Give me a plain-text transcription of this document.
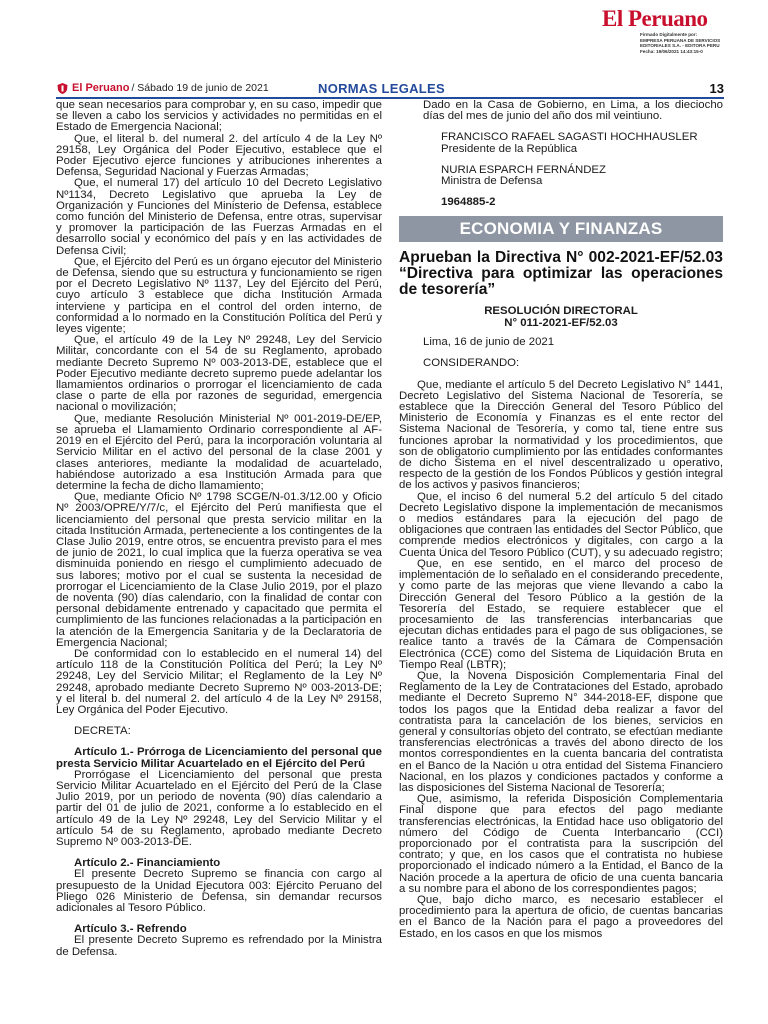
El Peruano
Firmado Digitalmente por:
EMPRESA PERUANA DE SERVICIOS
EDITORIALES S.A. - EDITORA PERU
Fecha: 19/06/2021 14:43:15-0
El Peruano / Sábado 19 de junio de 2021	NORMAS LEGALES	13

que sean necesarios para comprobar y, en su caso, impedir que se lleven a cabo los servicios y actividades no permitidas en el Estado de Emergencia Nacional;

Que, el literal b. del numeral 2. del artículo 4 de la Ley Nº 29158, Ley Orgánica del Poder Ejecutivo, establece que el Poder Ejecutivo ejerce funciones y atribuciones inherentes a Defensa, Seguridad Nacional y Fuerzas Armadas;

Que, el numeral 17) del artículo 10 del Decreto Legislativo Nº1134, Decreto Legislativo que aprueba la Ley de Organización y Funciones del Ministerio de Defensa, establece como función del Ministerio de Defensa, entre otras, supervisar y promover la participación de las Fuerzas Armadas en el desarrollo social y económico del país y en las actividades de Defensa Civil;

Que, el Ejército del Perú es un órgano ejecutor del Ministerio de Defensa, siendo que su estructura y funcionamiento se rigen por el Decreto Legislativo Nº 1137, Ley del Ejército del Perú, cuyo artículo 3 establece que dicha Institución Armada interviene y participa en el control del orden interno, de conformidad a lo normado en la Constitución Política del Perú y leyes vigente;

Que, el artículo 49 de la Ley Nº 29248, Ley del Servicio Militar, concordante con el 54 de su Reglamento, aprobado mediante Decreto Supremo Nº 003-2013-DE, establece que el Poder Ejecutivo mediante decreto supremo puede adelantar los llamamientos ordinarios o prorrogar el licenciamiento de cada clase o parte de ella por razones de seguridad, emergencia nacional o movilización;

Que, mediante Resolución Ministerial Nº 001-2019-DE/EP, se aprueba el Llamamiento Ordinario correspondiente al AF-2019 en el Ejército del Perú, para la incorporación voluntaria al Servicio Militar en el activo del personal de la clase 2001 y clases anteriores, mediante la modalidad de acuartelado, habiéndose autorizado a esa Institución Armada para que determine la fecha de dicho llamamiento;

Que, mediante Oficio Nº 1798 SCGE/N-01.3/12.00 y Oficio Nº 2003/OPRE/Y/7/c, el Ejército del Perú manifiesta que el licenciamiento del personal que presta servicio militar en la citada Institución Armada, perteneciente a los contingentes de la Clase Julio 2019, entre otros, se encuentra previsto para el mes de junio de 2021, lo cual implica que la fuerza operativa se vea disminuida poniendo en riesgo el cumplimiento adecuado de sus labores; motivo por el cual se sustenta la necesidad de prorrogar el Licenciamiento de la Clase Julio 2019, por el plazo de noventa (90) días calendario, con la finalidad de contar con personal debidamente entrenado y capacitado que permita el cumplimiento de las funciones relacionadas a la participación en la atención de la Emergencia Sanitaria y de la Declaratoria de Emergencia Nacional;

De conformidad con lo establecido en el numeral 14) del artículo 118 de la Constitución Política del Perú; la Ley Nº 29248, Ley del Servicio Militar; el Reglamento de la Ley Nº 29248, aprobado mediante Decreto Supremo Nº 003-2013-DE; y el literal b. del numeral 2. del artículo 4 de la Ley Nº 29158, Ley Orgánica del Poder Ejecutivo.

DECRETA:

Artículo 1.- Prórroga de Licenciamiento del personal que presta Servicio Militar Acuartelado en el Ejército del Perú

Prorrógase el Licenciamiento del personal que presta Servicio Militar Acuartelado en el Ejército del Perú de la Clase Julio 2019, por un periodo de noventa (90) días calendario a partir del 01 de julio de 2021, conforme a lo establecido en el artículo 49 de la Ley Nº 29248, Ley del Servicio Militar y el artículo 54 de su Reglamento, aprobado mediante Decreto Supremo Nº 003-2013-DE.

Artículo 2.- Financiamiento

El presente Decreto Supremo se financia con cargo al presupuesto de la Unidad Ejecutora 003: Ejército Peruano del Pliego 026 Ministerio de Defensa, sin demandar recursos adicionales al Tesoro Público.

Artículo 3.- Refrendo

El presente Decreto Supremo es refrendado por la Ministra de Defensa.

Dado en la Casa de Gobierno, en Lima, a los dieciocho días del mes de junio del año dos mil veintiuno.

FRANCISCO RAFAEL SAGASTI HOCHHAUSLER

Presidente de la República

NURIA ESPARCH FERNÁNDEZ

Ministra de Defensa

1964885-2

ECONOMIA Y FINANZAS
Aprueban la Directiva N° 002-2021-EF/52.03 “Directiva para optimizar las operaciones de tesorería”
RESOLUCIÓN DIRECTORAL
N° 011-2021-EF/52.03

Lima, 16 de junio de 2021

CONSIDERANDO:

Que, mediante el artículo 5 del Decreto Legislativo N° 1441, Decreto Legislativo del Sistema Nacional de Tesorería, se establece que la Dirección General del Tesoro Público del Ministerio de Economía y Finanzas es el ente rector del Sistema Nacional de Tesorería, y como tal, tiene entre sus funciones aprobar la normatividad y los procedimientos, que son de obligatorio cumplimiento por las entidades conformantes de dicho Sistema en el nivel descentralizado u operativo, respecto de la gestión de los Fondos Públicos y gestión integral de los activos y pasivos financieros;

Que, el inciso 6 del numeral 5.2 del artículo 5 del citado Decreto Legislativo dispone la implementación de mecanismos o medios estándares para la ejecución del pago de obligaciones que contraen las entidades del Sector Público, que comprende medios electrónicos y digitales, con cargo a la Cuenta Única del Tesoro Público (CUT), y su adecuado registro;

Que, en ese sentido, en el marco del proceso de implementación de lo señalado en el considerando precedente, y como parte de las mejoras que viene llevando a cabo la Dirección General del Tesoro Público a la gestión de la Tesorería del Estado, se requiere establecer que el procesamiento de las transferencias interbancarias que ejecutan dichas entidades para el pago de sus obligaciones, se realice tanto a través de la Cámara de Compensación Electrónica (CCE) como del Sistema de Liquidación Bruta en Tiempo Real (LBTR);

Que, la Novena Disposición Complementaria Final del Reglamento de la Ley de Contrataciones del Estado, aprobado mediante el Decreto Supremo N° 344-2018-EF, dispone que todos los pagos que la Entidad deba realizar a favor del contratista para la cancelación de los bienes, servicios en general y consultorías objeto del contrato, se efectúan mediante transferencias electrónicas a través del abono directo de los montos correspondientes en la cuenta bancaria del contratista en el Banco de la Nación u otra entidad del Sistema Financiero Nacional, en los plazos y condiciones pactados y conforme a las disposiciones del Sistema Nacional de Tesorería;

Que, asimismo, la referida Disposición Complementaria Final dispone que para efectos del pago mediante transferencias electrónicas, la Entidad hace uso obligatorio del número del Código de Cuenta Interbancario (CCI) proporcionado por el contratista para la suscripción del contrato; y que, en los casos que el contratista no hubiese proporcionado el indicado número a la Entidad, el Banco de la Nación procede a la apertura de oficio de una cuenta bancaria a su nombre para el abono de los correspondientes pagos;

Que, bajo dicho marco, es necesario establecer el procedimiento para la apertura de oficio, de cuentas bancarias en el Banco de la Nación para el pago a proveedores del Estado, en los casos en que los mismos
